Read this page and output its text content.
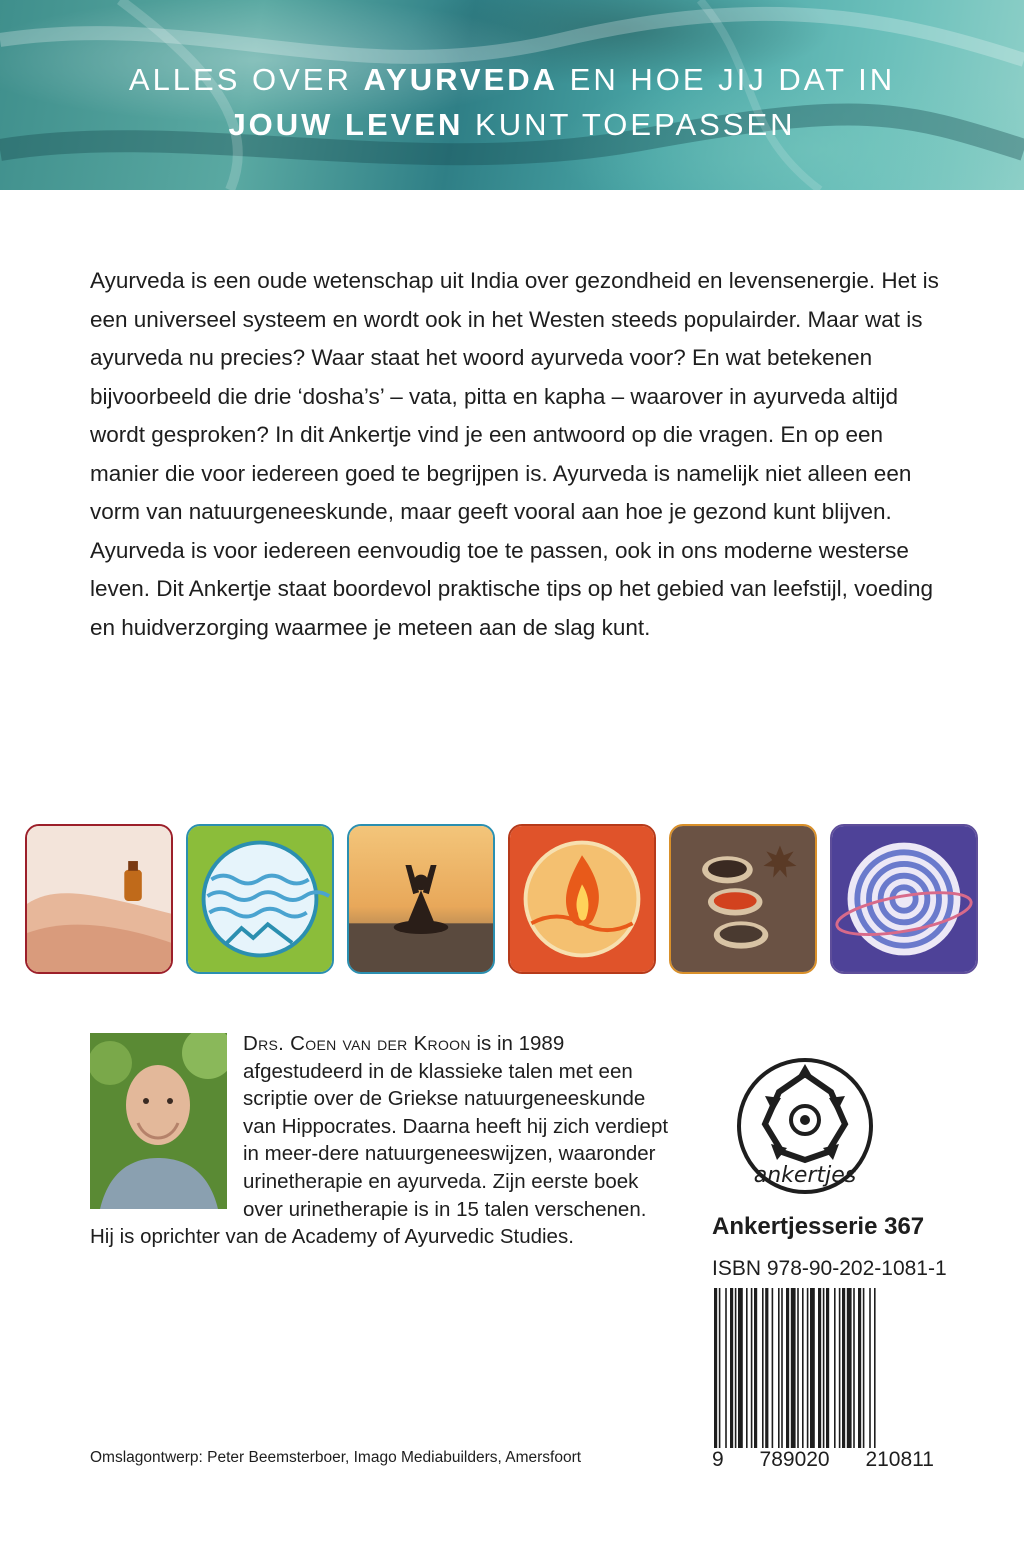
ALLES OVER AYURVEDA EN HOE JIJ DAT IN
JOUW LEVEN KUNT TOEPASSEN

Ayurveda is een oude wetenschap uit India over gezondheid en levensenergie. Het is een universeel systeem en wordt ook in het Westen steeds populairder. Maar wat is ayurveda nu precies? Waar staat het woord ayurveda voor? En wat betekenen bijvoorbeeld die drie ‘dosha’s’ – vata, pitta en kapha – waarover in ayurveda altijd wordt gesproken? In dit Ankertje vind je een antwoord op die vragen. En op een manier die voor iedereen goed te begrijpen is. Ayurveda is namelijk niet alleen een vorm van natuurgeneeskunde, maar geeft vooral aan hoe je gezond kunt blijven. Ayurveda is voor iedereen eenvoudig toe te passen, ook in ons moderne westerse leven. Dit Ankertje staat boordevol praktische tips op het gebied van leefstijl, voeding en huidverzorging waarmee je meteen aan de slag kunt.

Drs. Coen van der Kroon is in 1989 afgestudeerd in de klassieke talen met een scriptie over de Griekse natuurgeneeskunde van Hippocrates. Daarna heeft hij zich verdiept in meer-dere natuurgeneeswijzen, waaronder urinetherapie en ayurveda. Zijn eerste boek over urinetherapie is in 15 talen verschenen. Hij is oprichter van de Academy of Ayurvedic Studies.
ankertjes
Ankertjesserie 367
ISBN 978-90-202-1081-1
9 789020 210811
Omslagontwerp: Peter Beemsterboer, Imago Mediabuilders, Amersfoort
